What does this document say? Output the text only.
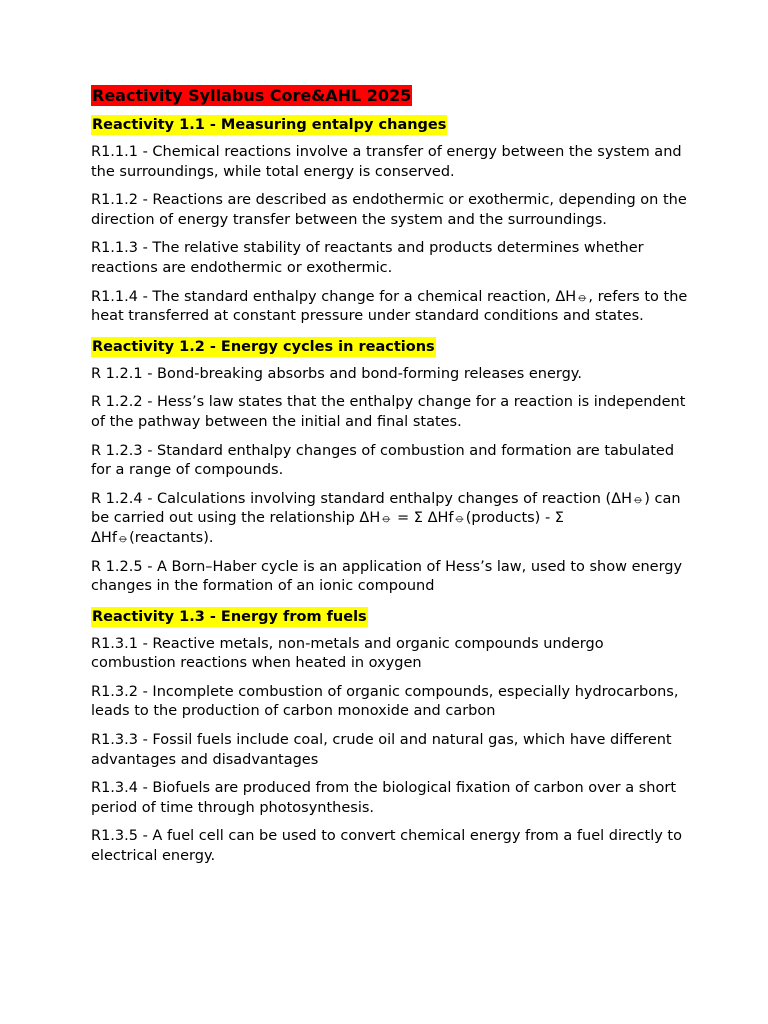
Reactivity Syllabus Core&AHL 2025
Reactivity 1.1 - Measuring entalpy changes

R1.1.1 - Chemical reactions involve a transfer of energy between the system and the surroundings, while total energy is conserved.

R1.1.2 - Reactions are described as endothermic or exothermic, depending on the direction of energy transfer between the system and the surroundings.

R1.1.3 - The relative stability of reactants and products determines whether reactions are endothermic or exothermic.

R1.1.4 - The standard enthalpy change for a chemical reaction, ΔH⦵, refers to the heat transferred at constant pressure under standard conditions and states.

Reactivity 1.2 - Energy cycles in reactions

R 1.2.1 - Bond-breaking absorbs and bond-forming releases energy.

R 1.2.2 - Hess’s law states that the enthalpy change for a reaction is independent of the pathway between the initial and final states.

R 1.2.3 - Standard enthalpy changes of combustion and formation are tabulated for a range of compounds.

R 1.2.4 - Calculations involving standard enthalpy changes of reaction (ΔH⦵) can be carried out using the relationship ΔH⦵ = Σ ΔHf⦵(products) - Σ ΔHf⦵(reactants).

R 1.2.5 - A Born–Haber cycle is an application of Hess’s law, used to show energy changes in the formation of an ionic compound

Reactivity 1.3 - Energy from fuels

R1.3.1 - Reactive metals, non-metals and organic compounds undergo combustion reactions when heated in oxygen

R1.3.2 - Incomplete combustion of organic compounds, especially hydrocarbons, leads to the production of carbon monoxide and carbon

R1.3.3 - Fossil fuels include coal, crude oil and natural gas, which have different advantages and disadvantages

R1.3.4 - Biofuels are produced from the biological fixation of carbon over a short period of time through photosynthesis.

R1.3.5 - A fuel cell can be used to convert chemical energy from a fuel directly to electrical energy.
